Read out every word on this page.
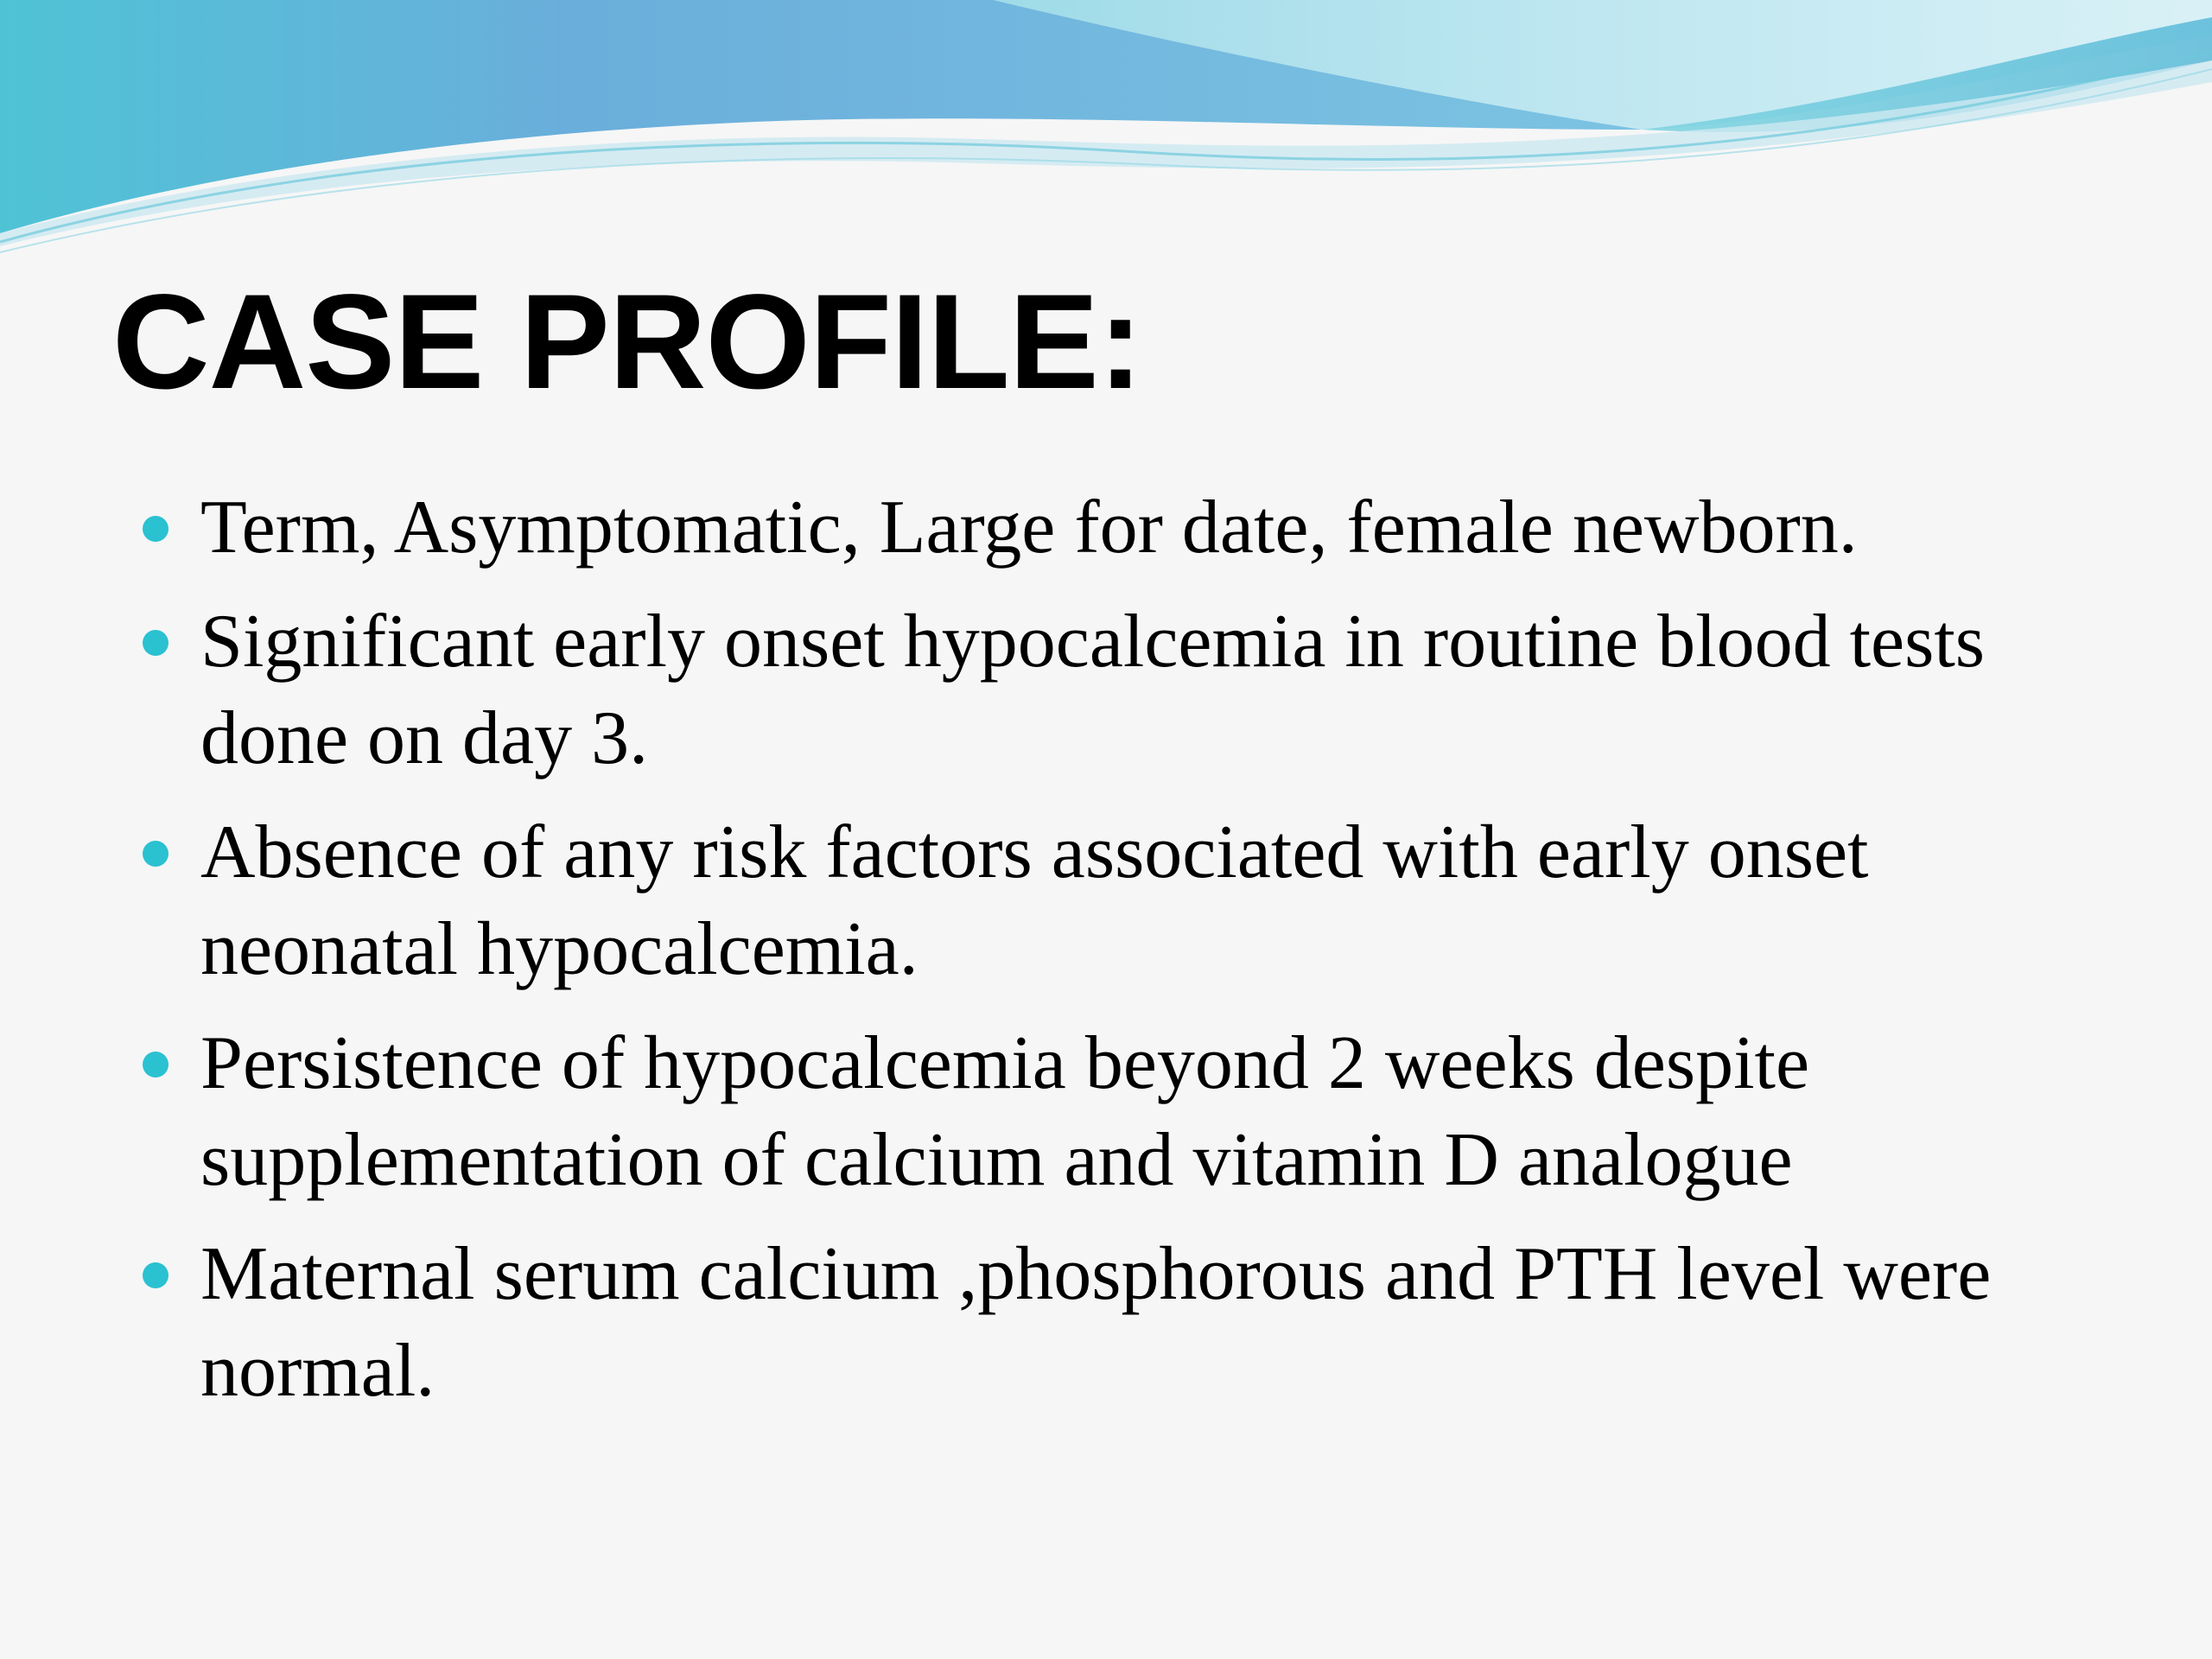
CASE PROFILE:
Term, Asymptomatic, Large for date, female newborn.
Significant early onset hypocalcemia in routine blood tests done on day 3.
Absence of any risk factors associated with early onset neonatal hypocalcemia.
Persistence of hypocalcemia beyond 2 weeks despite supplementation of calcium and vitamin D analogue
Maternal serum calcium ,phosphorous and PTH level were normal.
